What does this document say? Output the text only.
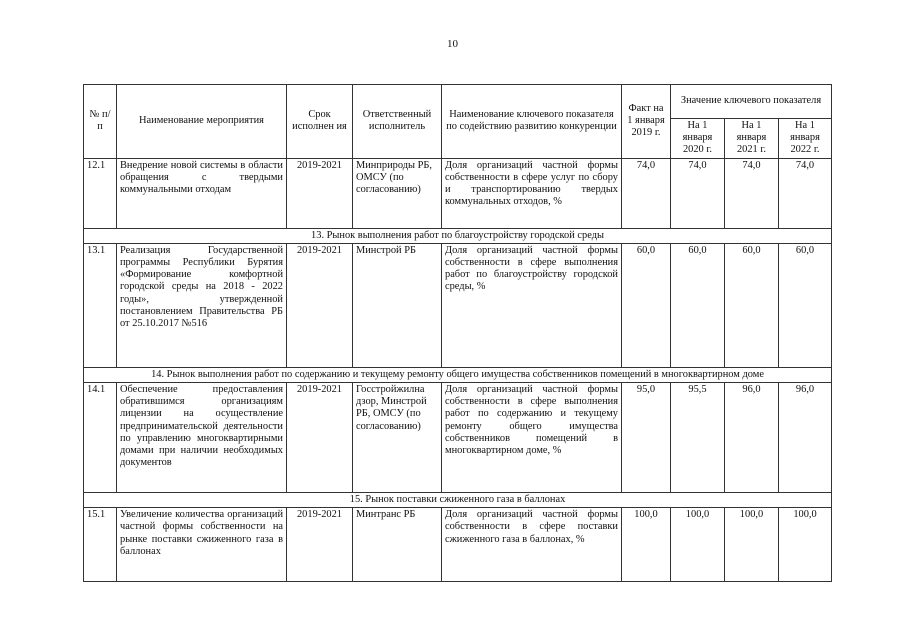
10
№ п/п	Наименование мероприятия	Срок исполнен ия	Ответственный исполнитель	Наименование ключевого показателя по содействию развитию конкуренции	Факт на 1 января 2019 г.	Значение ключевого показателя		
						На 1 января 2020 г.	На 1 января 2021 г.	На 1 января 2022 г.
12.1	Внедрение новой системы в области обращения с твердыми коммунальными отходам	2019-2021	Минприроды РБ, ОМСУ (по согласованию)	Доля организаций частной формы собственности в сфере услуг по сбору и транспортированию твердых коммунальных отходов, %	74,0	74,0	74,0	74,0
13. Рынок выполнения работ по благоустройству городской среды								
13.1	Реализация Государственной программы Республики Бурятия «Формирование комфортной городской среды на 2018 - 2022 годы», утвержденной постановлением Правительства РБ от 25.10.2017 №516	2019-2021	Минстрой РБ	Доля организаций частной формы собственности в сфере выполнения работ по благоустройству городской среды, %	60,0	60,0	60,0	60,0
14. Рынок выполнения работ по содержанию и текущему ремонту общего имущества собственников помещений в многоквартирном доме								
14.1	Обеспечение предоставления обратившимся организациям лицензии на осуществление предпринимательской деятельности по управлению многоквартирными домами при наличии необходимых документов	2019-2021	Госстройжилна дзор, Минстрой РБ, ОМСУ (по согласованию)	Доля организаций частной формы собственности в сфере выполнения работ по содержанию и текущему ремонту общего имущества собственников помещений в многоквартирном доме, %	95,0	95,5	96,0	96,0
15. Рынок поставки сжиженного газа в баллонах								
15.1	Увеличение количества организаций частной формы собственности на рынке поставки сжиженного газа в баллонах	2019-2021	Минтранс РБ	Доля организаций частной формы собственности в сфере поставки сжиженного газа в баллонах, %	100,0	100,0	100,0	100,0
